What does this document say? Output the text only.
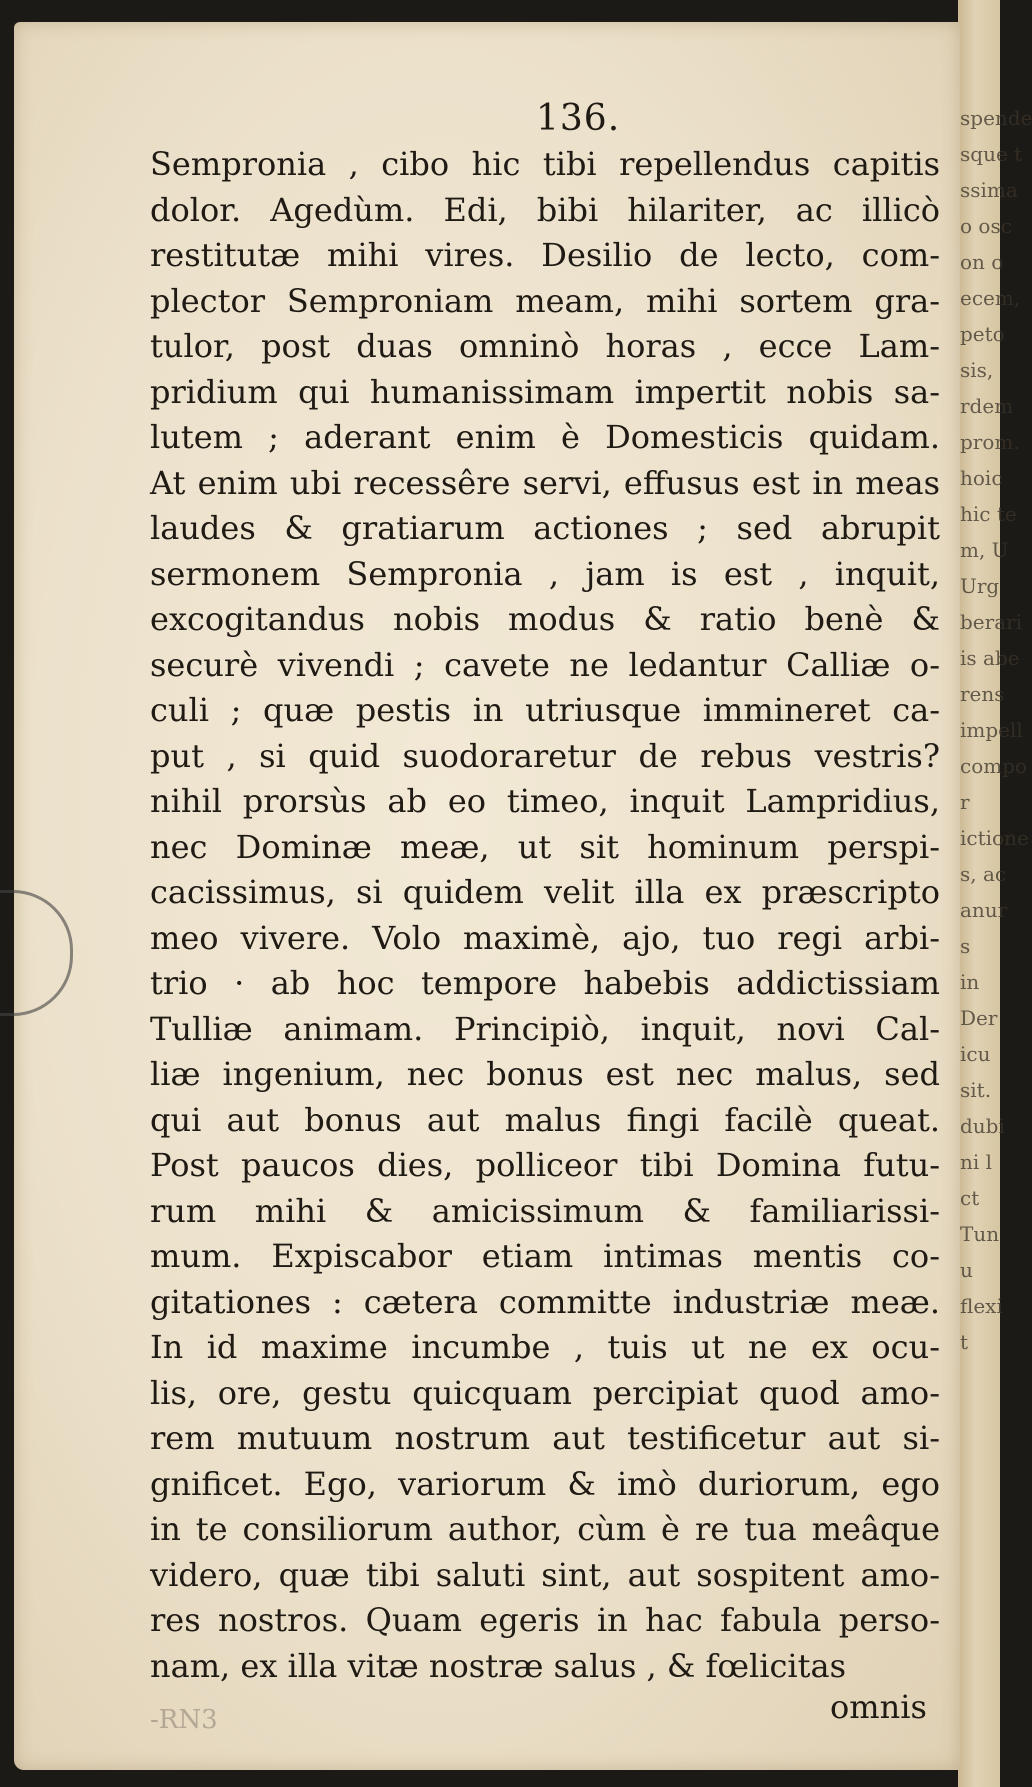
spende
sque t
ssima
o osc
on o
ecem,
peto
sis,
rdem
prom.
hoic
hic te
m, U
Urg
berari
is abe
rens
impell
compo
r
ictione
s, ac
anur
s
in
Der
icu
sit.
dubi
ni l
ct
Tun
u
flexi
t
136.
Sempronia , cibo hic tibi repellendus capitis
dolor. Agedùm. Edi, bibi hilariter, ac illicò
restitutæ mihi vires. Desilio de lecto, com-
plector Semproniam meam, mihi sortem gra-
tulor, post duas omninò horas , ecce Lam-
pridium qui humanissimam impertit nobis sa-
lutem ; aderant enim è Domesticis quidam.
At enim ubi recessêre servi, effusus est in meas
laudes & gratiarum actiones ; sed abrupit
sermonem Sempronia , jam is est , inquit,
excogitandus nobis modus & ratio benè &
securè vivendi ; cavete ne ledantur Calliæ o-
culi ; quæ pestis in utriusque immineret ca-
put , si quid suodoraretur de rebus vestris?
nihil prorsùs ab eo timeo, inquit Lampridius,
nec Dominæ meæ, ut sit hominum perspi-
cacissimus, si quidem velit illa ex præscripto
meo vivere. Volo maximè, ajo, tuo regi arbi-
trio · ab hoc tempore habebis addictissiam
Tulliæ animam. Principiò, inquit, novi Cal-
liæ ingenium, nec bonus est nec malus, sed
qui aut bonus aut malus fingi facilè queat.
Post paucos dies, polliceor tibi Domina futu-
rum mihi & amicissimum & familiarissi-
mum. Expiscabor etiam intimas mentis co-
gitationes : cætera committe industriæ meæ.
In id maxime incumbe , tuis ut ne ex ocu-
lis, ore, gestu quicquam percipiat quod amo-
rem mutuum nostrum aut testificetur aut si-
gnificet. Ego, variorum & imò duriorum, ego
in te consiliorum author, cùm è re tua meâque
videro, quæ tibi saluti sint, aut sospitent amo-
res nostros. Quam egeris in hac fabula perso-
nam, ex illa vitæ nostræ salus , & fœlicitas
omnis
-RN3
